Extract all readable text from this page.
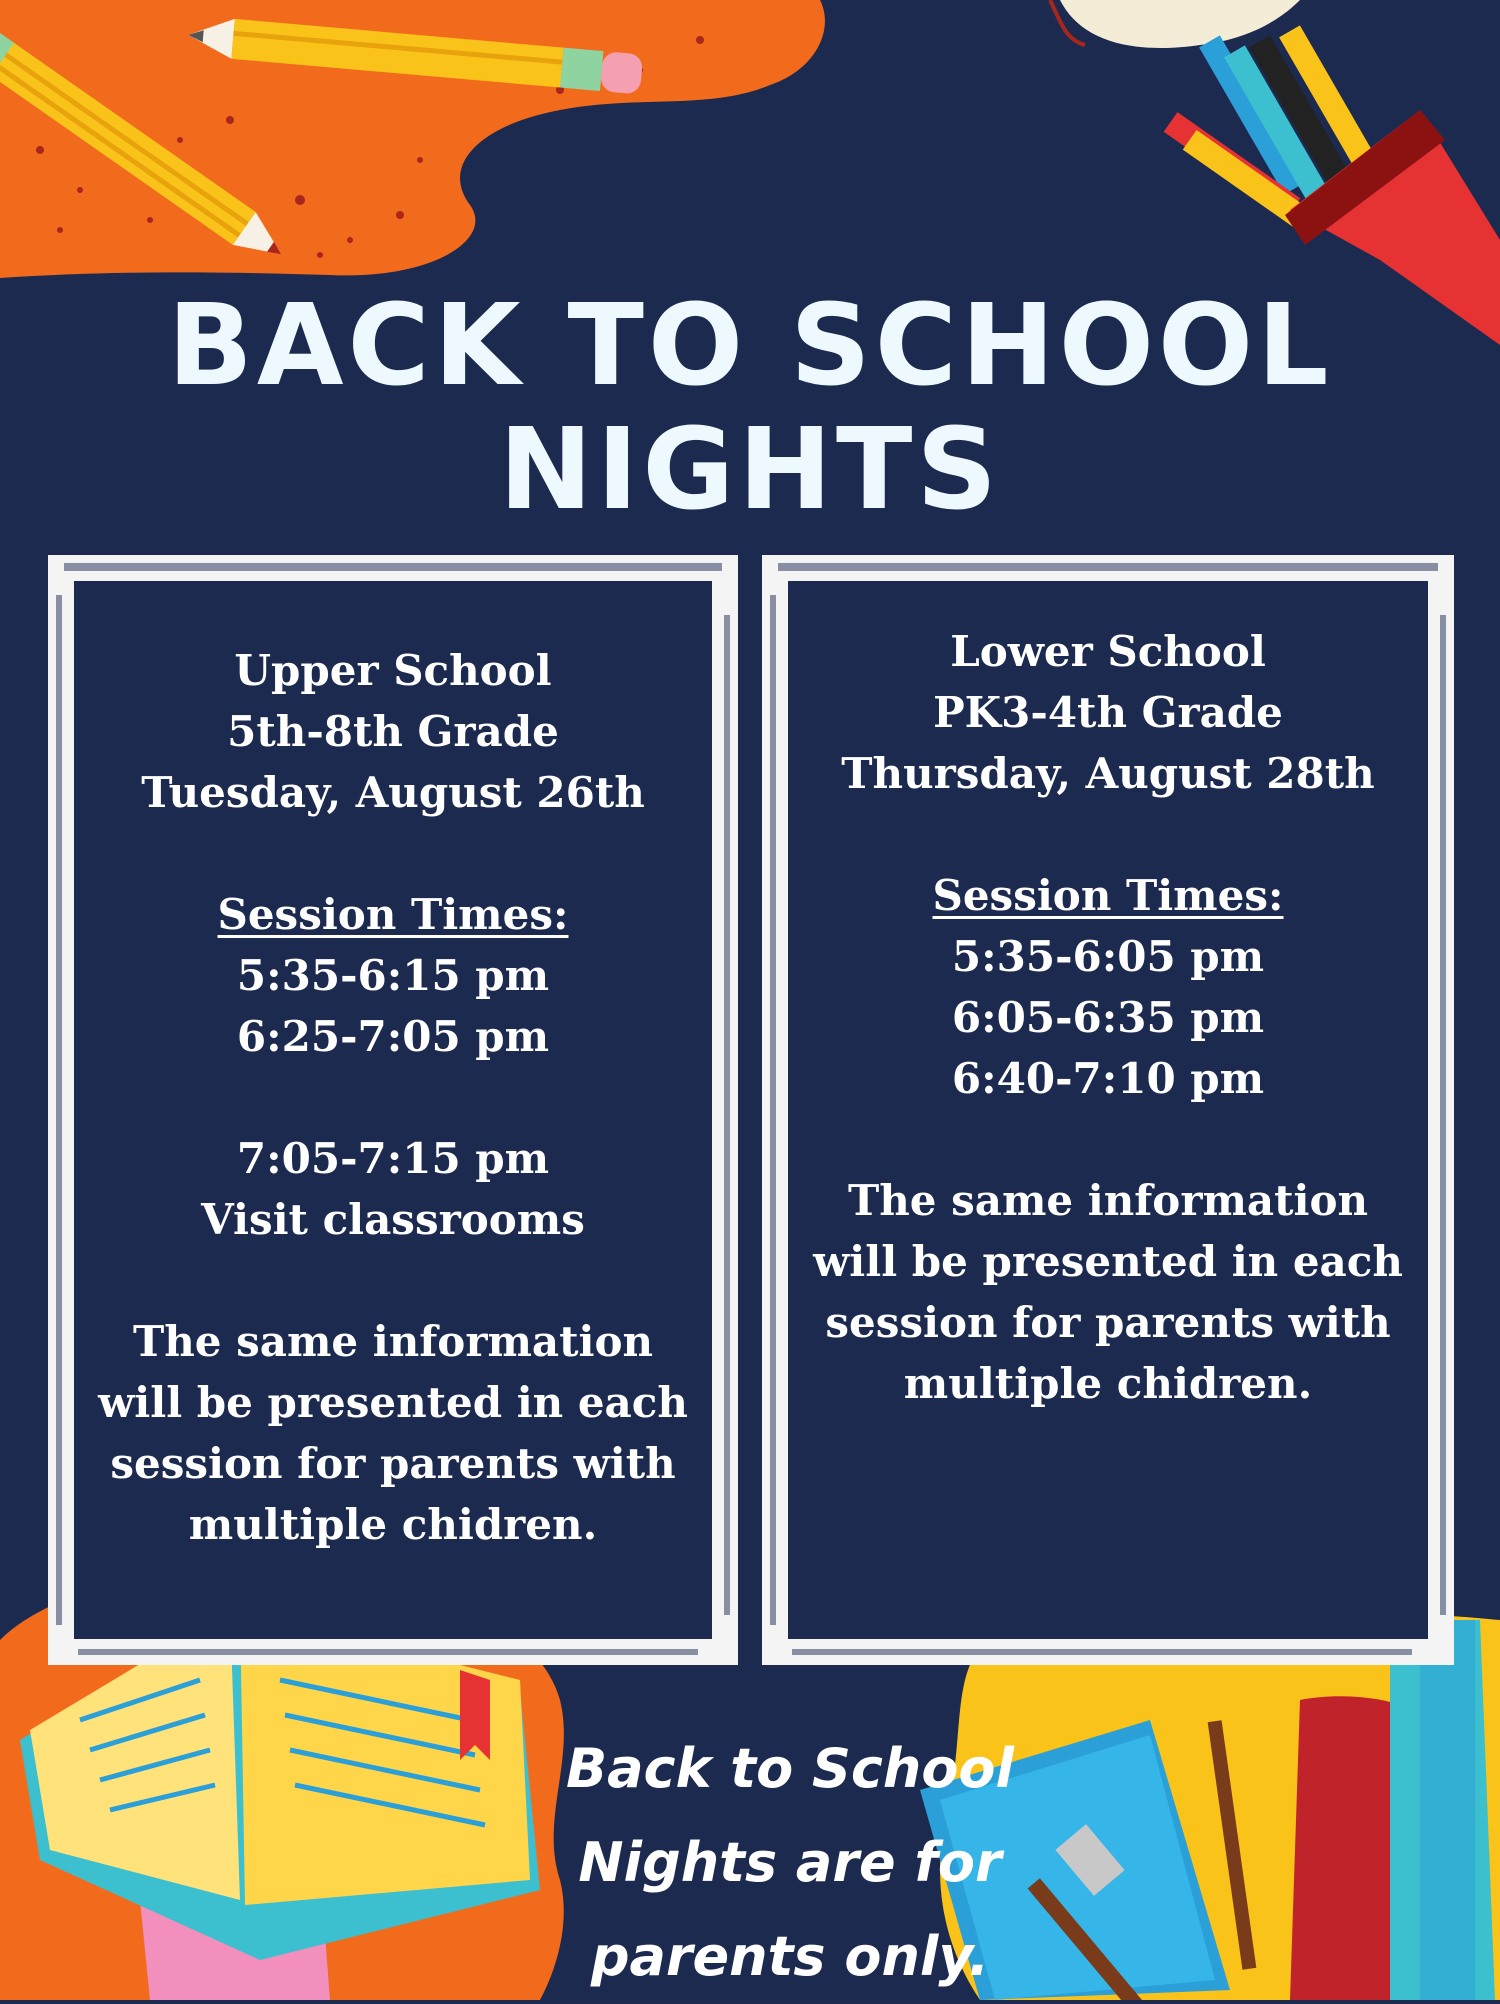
BACK TO SCHOOL
NIGHTS
Upper School
5th-8th Grade
Tuesday, August 26th
Session Times:
5:35-6:15 pm
6:25-7:05 pm
7:05-7:15 pm
Visit classrooms
The same information
will be presented in each
session for parents with
multiple chidren.
Lower School
PK3-4th Grade
Thursday, August 28th
Session Times:
5:35-6:05 pm
6:05-6:35 pm
6:40-7:10 pm
The same information
will be presented in each
session for parents with
multiple chidren.
Back to School
Nights are for
parents only.
